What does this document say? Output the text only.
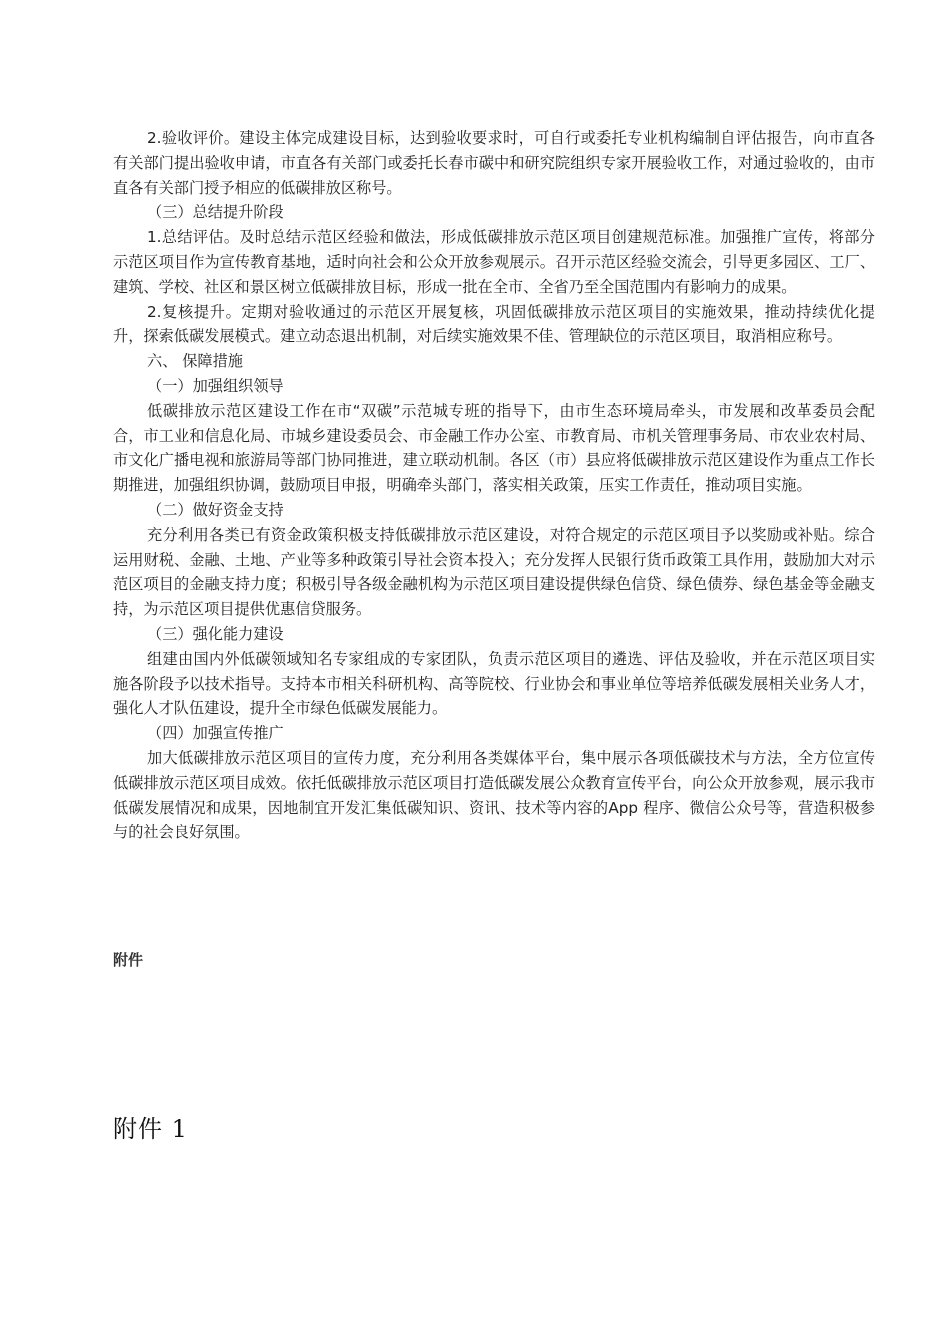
2.验收评价。建设主体完成建设目标，达到验收要求时，可自行或委托专业机构编制自评估报告，向市直各有关部门提出验收申请，市直各有关部门或委托长春市碳中和研究院组织专家开展验收工作，对通过验收的，由市直各有关部门授予相应的低碳排放区称号。

（三）总结提升阶段

1.总结评估。及时总结示范区经验和做法，形成低碳排放示范区项目创建规范标准。加强推广宣传，将部分示范区项目作为宣传教育基地，适时向社会和公众开放参观展示。召开示范区经验交流会，引导更多园区、工厂、建筑、学校、社区和景区树立低碳排放目标，形成一批在全市、全省乃至全国范围内有影响力的成果。

2.复核提升。定期对验收通过的示范区开展复核，巩固低碳排放示范区项目的实施效果，推动持续优化提升，探索低碳发展模式。建立动态退出机制，对后续实施效果不佳、管理缺位的示范区项目，取消相应称号。

六、 保障措施

（一）加强组织领导

低碳排放示范区建设工作在市“双碳”示范城专班的指导下，由市生态环境局牵头，市发展和改革委员会配合，市工业和信息化局、市城乡建设委员会、市金融工作办公室、市教育局、市机关管理事务局、市农业农村局、市文化广播电视和旅游局等部门协同推进，建立联动机制。各区（市）县应将低碳排放示范区建设作为重点工作长期推进，加强组织协调，鼓励项目申报，明确牵头部门，落实相关政策，压实工作责任，推动项目实施。

（二）做好资金支持

充分利用各类已有资金政策积极支持低碳排放示范区建设，对符合规定的示范区项目予以奖励或补贴。综合运用财税、金融、土地、产业等多种政策引导社会资本投入；充分发挥人民银行货币政策工具作用，鼓励加大对示范区项目的金融支持力度；积极引导各级金融机构为示范区项目建设提供绿色信贷、绿色债券、绿色基金等金融支持，为示范区项目提供优惠信贷服务。

（三）强化能力建设

组建由国内外低碳领域知名专家组成的专家团队，负责示范区项目的遴选、评估及验收，并在示范区项目实施各阶段予以技术指导。支持本市相关科研机构、高等院校、行业协会和事业单位等培养低碳发展相关业务人才，强化人才队伍建设，提升全市绿色低碳发展能力。

（四）加强宣传推广

加大低碳排放示范区项目的宣传力度，充分利用各类媒体平台，集中展示各项低碳技术与方法，全方位宣传低碳排放示范区项目成效。依托低碳排放示范区项目打造低碳发展公众教育宣传平台，向公众开放参观，展示我市低碳发展情况和成果，因地制宜开发汇集低碳知识、资讯、技术等内容的App 程序、微信公众号等，营造积极参与的社会良好氛围。

附件

附件 1
